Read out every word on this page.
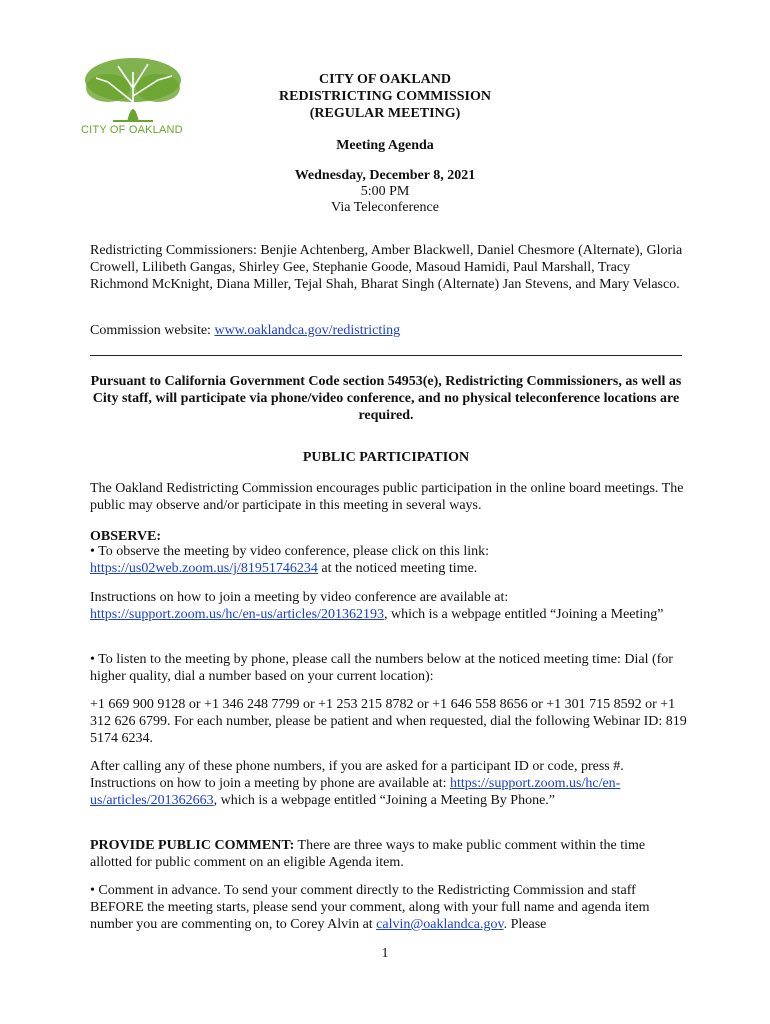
CITY OF OAKLAND
CITY OF OAKLAND
REDISTRICTING COMMISSION
(REGULAR MEETING)
Meeting Agenda
Wednesday, December 8, 2021
5:00 PM
Via Teleconference
Redistricting Commissioners: Benjie Achtenberg, Amber Blackwell, Daniel Chesmore (Alternate), Gloria Crowell, Lilibeth Gangas, Shirley Gee, Stephanie Goode, Masoud Hamidi, Paul Marshall, Tracy Richmond McKnight, Diana Miller, Tejal Shah, Bharat Singh (Alternate) Jan Stevens, and Mary Velasco.
Commission website: www.oaklandca.gov/redistricting
Pursuant to California Government Code section 54953(e), Redistricting Commissioners, as well as City staff, will participate via phone/video conference, and no physical teleconference locations are required.
PUBLIC PARTICIPATION
The Oakland Redistricting Commission encourages public participation in the online board meetings. The public may observe and/or participate in this meeting in several ways.
OBSERVE:
• To observe the meeting by video conference, please click on this link:
https://us02web.zoom.us/j/81951746234 at the noticed meeting time.
Instructions on how to join a meeting by video conference are available at:
https://support.zoom.us/hc/en-us/articles/201362193, which is a webpage entitled “Joining a Meeting”
• To listen to the meeting by phone, please call the numbers below at the noticed meeting time: Dial (for higher quality, dial a number based on your current location):
+1 669 900 9128 or +1 346 248 7799 or +1 253 215 8782 or +1 646 558 8656 or +1 301 715 8592 or +1 312 626 6799. For each number, please be patient and when requested, dial the following Webinar ID: 819 5174 6234.
After calling any of these phone numbers, if you are asked for a participant ID or code, press #. Instructions on how to join a meeting by phone are available at: https://support.zoom.us/hc/en-us/articles/201362663, which is a webpage entitled “Joining a Meeting By Phone.”
PROVIDE PUBLIC COMMENT: There are three ways to make public comment within the time allotted for public comment on an eligible Agenda item.
• Comment in advance. To send your comment directly to the Redistricting Commission and staff BEFORE the meeting starts, please send your comment, along with your full name and agenda item number you are commenting on, to Corey Alvin at calvin@oaklandca.gov. Please
1
